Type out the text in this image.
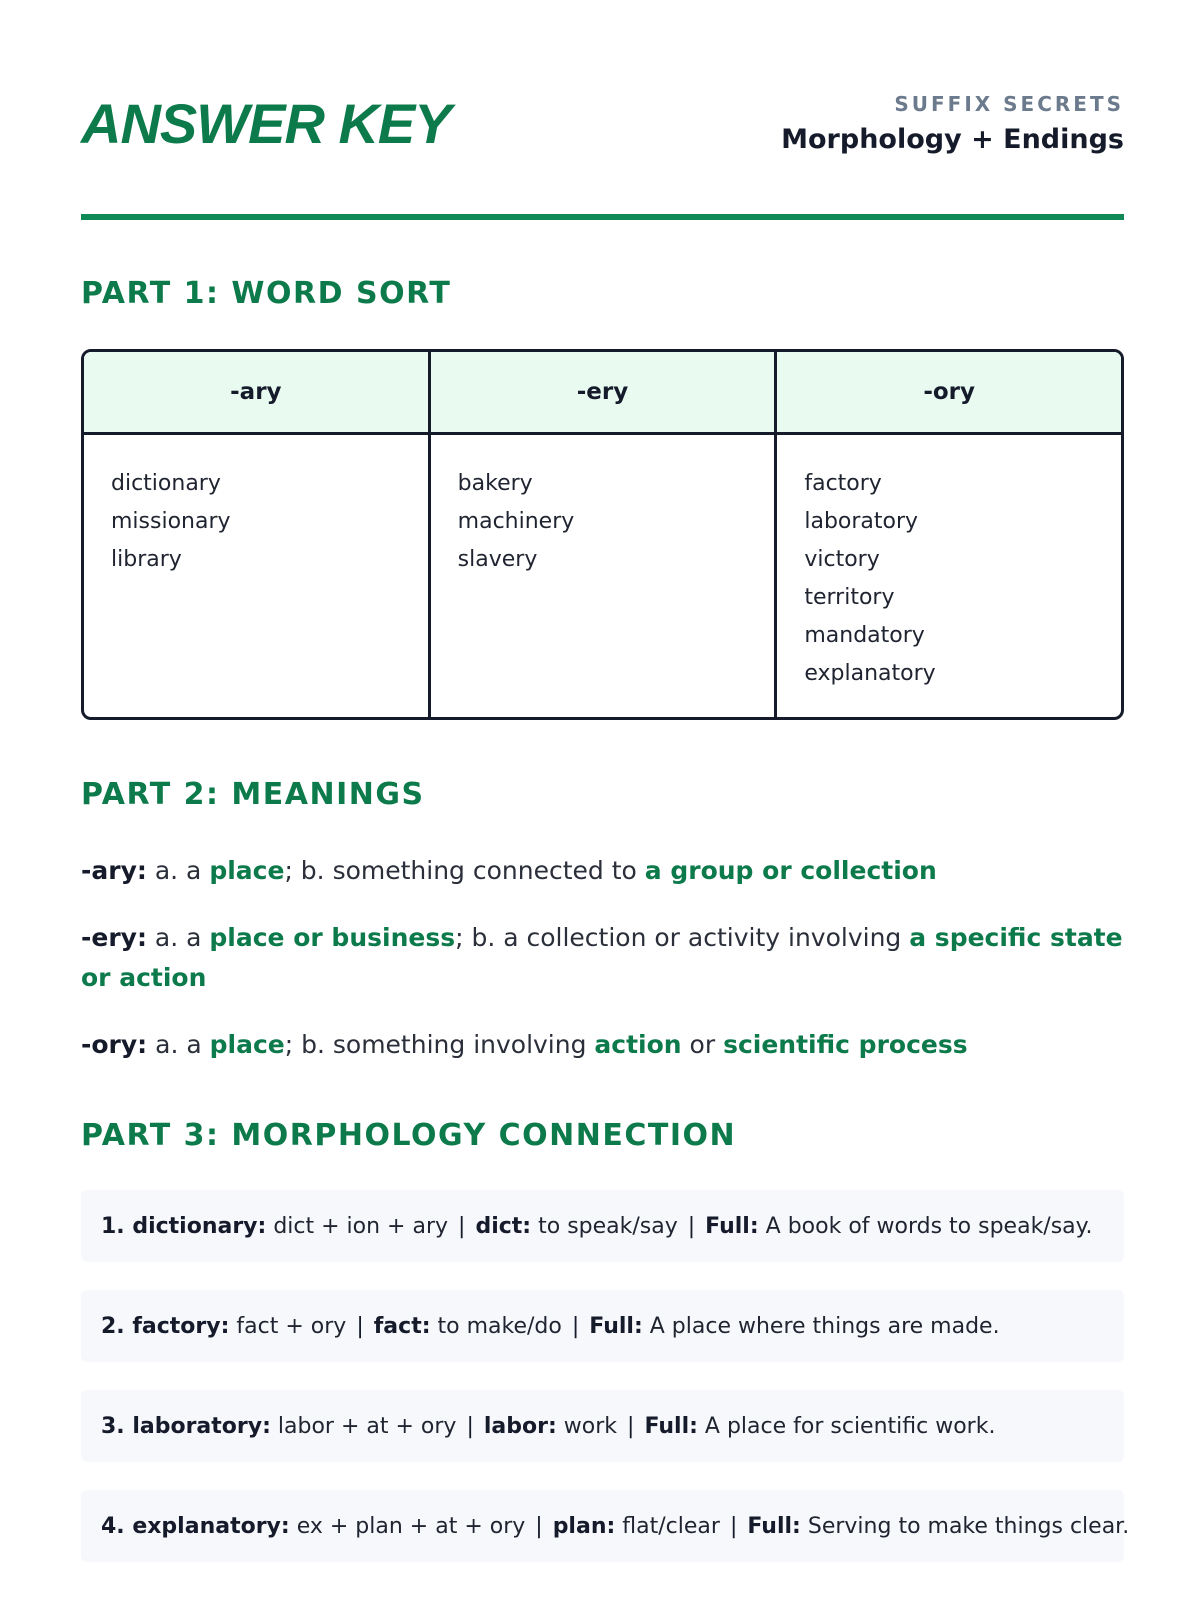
ANSWER KEY	SUFFIX SECRETS
Morphology + Endings
PART 1: WORD SORT
-ary
dictionary
missionary
library
-ery
bakery
machinery
slavery
-ory
factory
laboratory
victory
territory
mandatory
explanatory
PART 2: MEANINGS
-ary: a. a place; b. something connected to a group or collection
-ery: a. a place or business; b. a collection or activity involving a specific state or action
-ory: a. a place; b. something involving action or scientific process
PART 3: MORPHOLOGY CONNECTION
1. dictionary:
dict + ion + ary | dict:
to speak/say | Full:
A book of words to speak/say.
2. factory:
fact + ory | fact:
to make/do | Full:
A place where things are made.
3. laboratory:
labor + at + ory | labor:
work | Full:
A place for scientific work.
4. explanatory:
ex + plan + at + ory | plan:
flat/clear | Full:
Serving to make things clear.
